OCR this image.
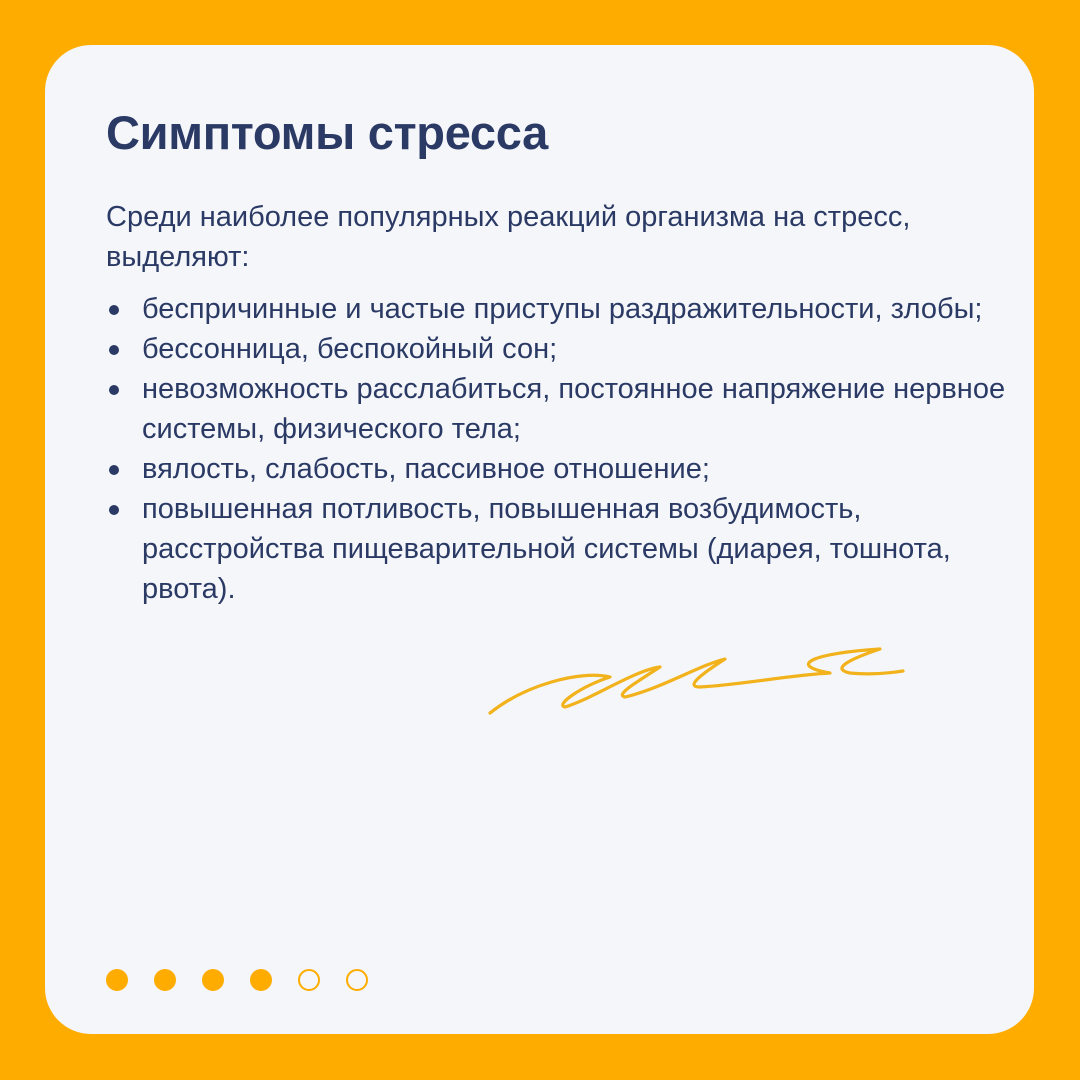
Симптомы стресса

Среди наиболее популярных реакций организма на стресс, выделяют:

беспричинные и частые приступы раздражительности, злобы;
бессонница, беспокойный сон;
невозможность расслабиться, постоянное напряжение нервное системы, физического тела;
вялость, слабость, пассивное отношение;
повышенная потливость, повышенная возбудимость, расстройства пищеварительной системы (диарея, тошнота, рвота).
